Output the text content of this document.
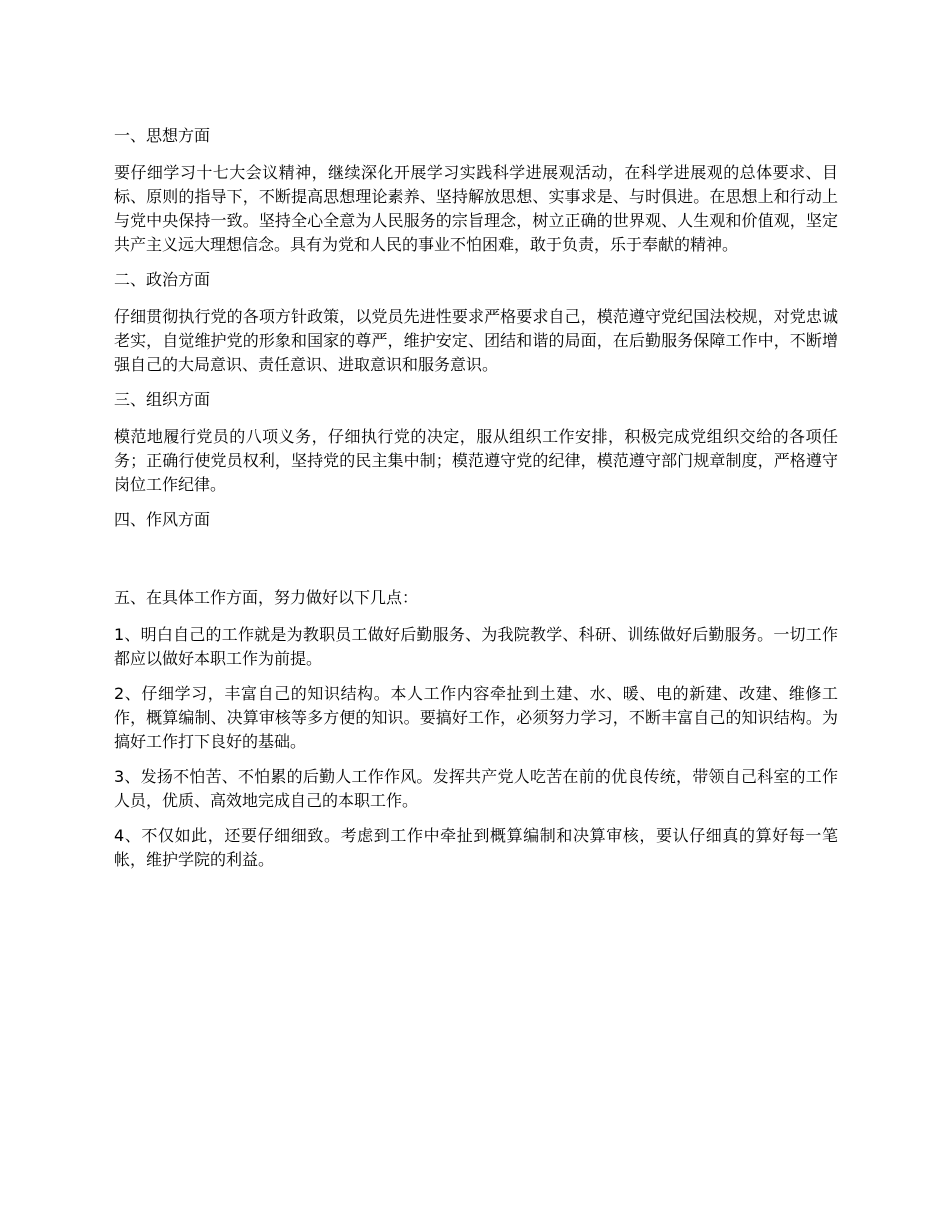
一、思想方面
要仔细学习十七大会议精神，继续深化开展学习实践科学进展观活动，在科学进展观的总体要求、目标、原则的指导下，不断提高思想理论素养、坚持解放思想、实事求是、与时俱进。在思想上和行动上与党中央保持一致。坚持全心全意为人民服务的宗旨理念，树立正确的世界观、人生观和价值观，坚定共产主义远大理想信念。具有为党和人民的事业不怕困难，敢于负责，乐于奉献的精神。
二、政治方面
仔细贯彻执行党的各项方针政策，以党员先进性要求严格要求自己，模范遵守党纪国法校规，对党忠诚老实，自觉维护党的形象和国家的尊严，维护安定、团结和谐的局面，在后勤服务保障工作中，不断增强自己的大局意识、责任意识、进取意识和服务意识。
三、组织方面
模范地履行党员的八项义务，仔细执行党的决定，服从组织工作安排，积极完成党组织交给的各项任务；正确行使党员权利，坚持党的民主集中制；模范遵守党的纪律，模范遵守部门规章制度，严格遵守岗位工作纪律。
四、作风方面
五、在具体工作方面，努力做好以下几点：
1、明白自己的工作就是为教职员工做好后勤服务、为我院教学、科研、训练做好后勤服务。一切工作都应以做好本职工作为前提。
2、仔细学习，丰富自己的知识结构。本人工作内容牵扯到土建、水、暖、电的新建、改建、维修工作，概算编制、决算审核等多方便的知识。要搞好工作，必须努力学习，不断丰富自己的知识结构。为搞好工作打下良好的基础。
3、发扬不怕苦、不怕累的后勤人工作作风。发挥共产党人吃苦在前的优良传统，带领自己科室的工作人员，优质、高效地完成自己的本职工作。
4、不仅如此，还要仔细细致。考虑到工作中牵扯到概算编制和决算审核，要认仔细真的算好每一笔帐，维护学院的利益。
